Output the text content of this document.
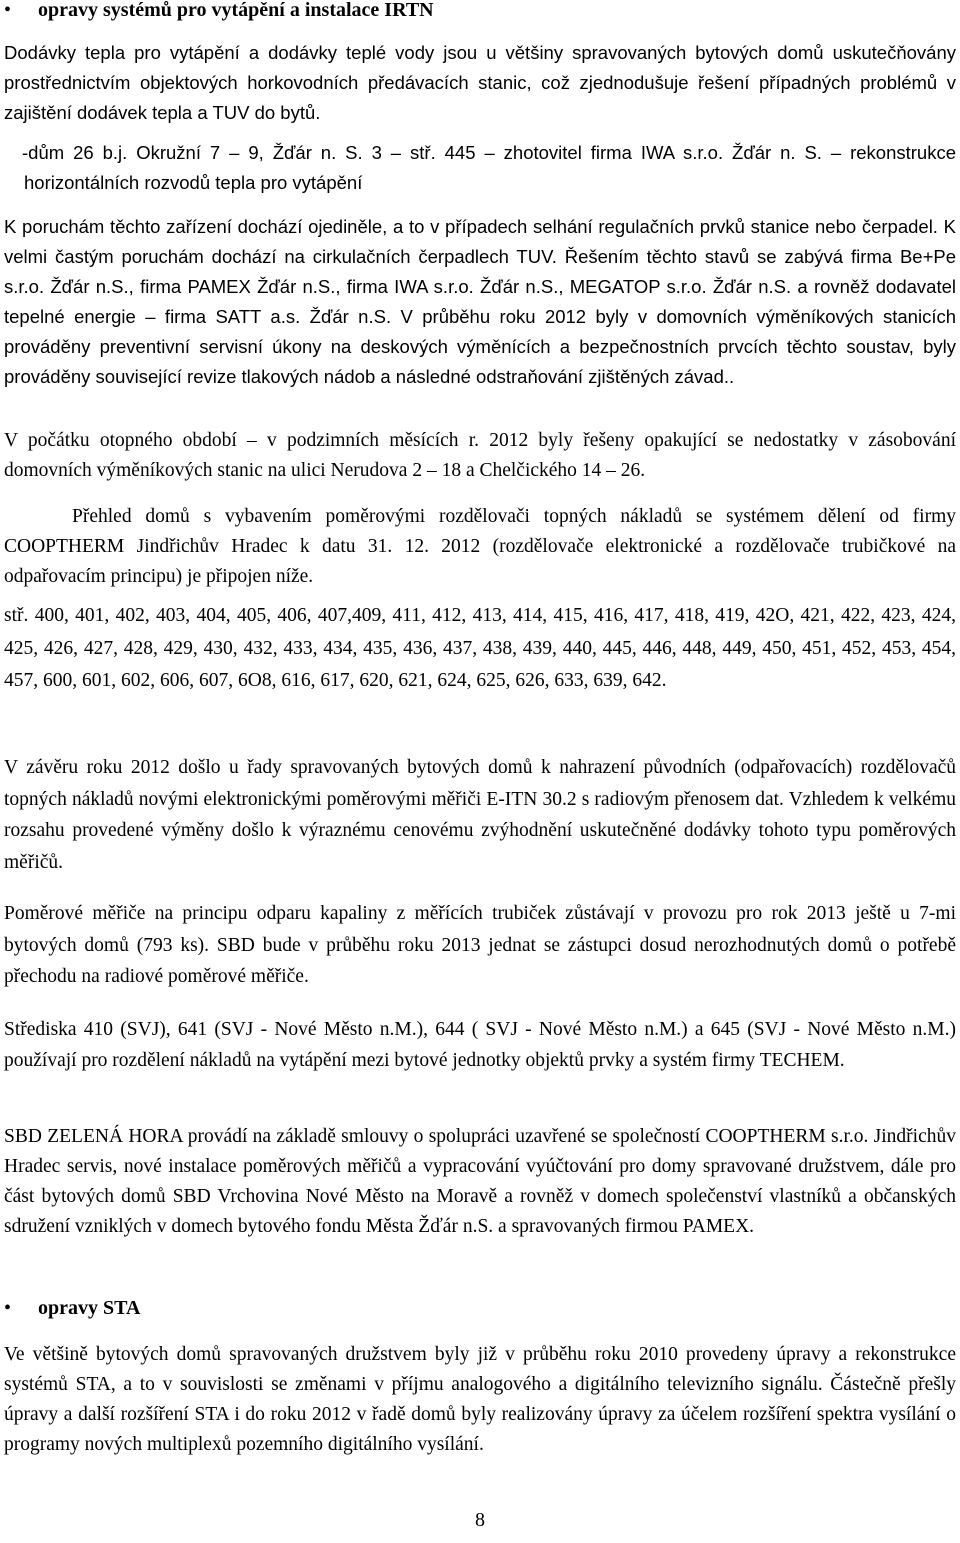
• opravy systémů pro vytápění a instalace IRTN

Dodávky tepla pro vytápění a dodávky teplé vody jsou u většiny spravovaných bytových domů uskutečňovány prostřednictvím objektových horkovodních předávacích stanic, což zjednodušuje řešení případných problémů v zajištění dodávek tepla a TUV do bytů.

-dům 26 b.j. Okružní 7 – 9, Žďár n. S. 3 – stř. 445 – zhotovitel firma IWA s.r.o. Žďár n. S. – rekonstrukce horizontálních rozvodů tepla pro vytápění

K poruchám těchto zařízení dochází ojediněle, a to v případech selhání regulačních prvků stanice nebo čerpadel. K velmi častým poruchám dochází na cirkulačních čerpadlech TUV. Řešením těchto stavů se zabývá firma Be+Pe s.r.o. Žďár n.S., firma PAMEX Žďár n.S., firma IWA s.r.o. Žďár n.S., MEGATOP s.r.o. Žďár n.S. a rovněž dodavatel tepelné energie – firma SATT a.s. Žďár n.S. V průběhu roku 2012 byly v domovních výměníkových stanicích prováděny preventivní servisní úkony na deskových výměnících a bezpečnostních prvcích těchto soustav, byly prováděny související revize tlakových nádob a následné odstraňování zjištěných závad..

V počátku otopného období – v podzimních měsících r. 2012 byly řešeny opakující se nedostatky v zásobování domovních výměníkových stanic na ulici Nerudova 2 – 18 a Chelčického 14 – 26.

Přehled domů s vybavením poměrovými rozdělovači topných nákladů se systémem dělení od firmy COOPTHERM Jindřichův Hradec k datu 31. 12. 2012 (rozdělovače elektronické a rozdělovače trubičkové na odpařovacím principu) je připojen níže.

stř. 400, 401, 402, 403, 404, 405, 406, 407,409, 411, 412, 413, 414, 415, 416, 417, 418, 419, 42O, 421, 422, 423, 424, 425, 426, 427, 428, 429, 430, 432, 433, 434, 435, 436, 437, 438, 439, 440, 445, 446, 448, 449, 450, 451, 452, 453, 454, 457, 600, 601, 602, 606, 607, 6O8, 616, 617, 620, 621, 624, 625, 626, 633, 639, 642.

V závěru roku 2012 došlo u řady spravovaných bytových domů k nahrazení původních (odpařovacích) rozdělovačů topných nákladů novými elektronickými poměrovými měřiči E-ITN 30.2 s radiovým přenosem dat. Vzhledem k velkému rozsahu provedené výměny došlo k výraznému cenovému zvýhodnění uskutečněné dodávky tohoto typu poměrových měřičů.

Poměrové měřiče na principu odparu kapaliny z měřících trubiček zůstávají v provozu pro rok 2013 ještě u 7-mi bytových domů (793 ks). SBD bude v průběhu roku 2013 jednat se zástupci dosud nerozhodnutých domů o potřebě přechodu na radiové poměrové měřiče.

Střediska 410 (SVJ), 641 (SVJ - Nové Město n.M.), 644 ( SVJ - Nové Město n.M.) a 645 (SVJ - Nové Město n.M.) používají pro rozdělení nákladů na vytápění mezi bytové jednotky objektů prvky a systém firmy TECHEM.

SBD ZELENÁ HORA provádí na základě smlouvy o spolupráci uzavřené se společností COOPTHERM s.r.o. Jindřichův Hradec servis, nové instalace poměrových měřičů a vypracování vyúčtování pro domy spravované družstvem, dále pro část bytových domů SBD Vrchovina Nové Město na Moravě a rovněž v domech společenství vlastníků a občanských sdružení vzniklých v domech bytového fondu Města Žďár n.S. a spravovaných firmou PAMEX.

• opravy STA

Ve většině bytových domů spravovaných družstvem byly již v průběhu roku 2010 provedeny úpravy a rekonstrukce systémů STA, a to v souvislosti se změnami v příjmu analogového a digitálního televizního signálu. Částečně přešly úpravy a další rozšíření STA i do roku 2012 v řadě domů byly realizovány úpravy za účelem rozšíření spektra vysílání o programy nových multiplexů pozemního digitálního vysílání.

8
